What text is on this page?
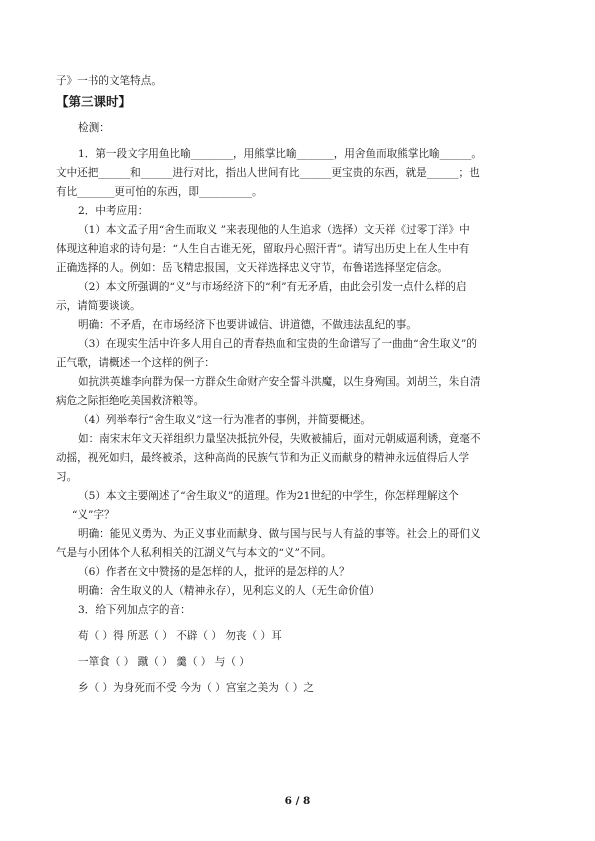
子》一书的文笔特点。
【第三课时】
检测：
1．第一段文字用鱼比喻________，用熊掌比喻_______，用舍鱼而取熊掌比喻______。
文中还把______和______进行对比，指出人世间有比______更宝贵的东西，就是______；也
有比_______更可怕的东西，即__________。
2．中考应用：
（1）本文孟子用“舍生而取义 ”来表现他的人生追求（选择）文天祥《过零丁洋》中
体现这种追求的诗句是：“人生自古谁无死，留取丹心照汗青”。请写出历史上在人生中有
正确选择的人。例如：岳飞精忠报国，文天祥选择忠义守节，布鲁诺选择坚定信念。
（2）本文所强调的“义”与市场经济下的“利”有无矛盾，由此会引发一点什么样的启
示，请简要谈谈。
明确：不矛盾，在市场经济下也要讲诚信、讲道德，不做违法乱纪的事。
（3）在现实生活中许多人用自己的青春热血和宝贵的生命谱写了一曲曲“舍生取义”的
正气歌，请概述一个这样的例子：
如抗洪英雄李向群为保一方群众生命财产安全誓斗洪魔，以生身殉国。刘胡兰，朱自清
病危之际拒绝吃美国救济粮等。
（4）列举奉行“舍生取义”这一行为准者的事例，并简要概述。
如：南宋末年文天祥组织力量坚决抵抗外侵，失败被捕后，面对元朝威逼利诱，竟毫不
动摇，视死如归，最终被杀，这种高尚的民族气节和为正义而献身的精神永远值得后人学
习。
（5）本文主要阐述了“舍生取义”的道理。作为21世纪的中学生，你怎样理解这个
“义”字？
明确：能见义勇为、为正义事业而献身、做与国与民与人有益的事等。社会上的哥们义
气是与小团体个人私利相关的江湖义气与本文的“义”不同。
（6）作者在文中赞扬的是怎样的人，批评的是怎样的人？
明确：舍生取义的人（精神永存），见利忘义的人（无生命价值）
3．给下列加点字的音：
苟（ ）得 所恶（ ） 不辟（ ） 勿丧（ ）耳
一箪食（ ） 蹴（ ） 羹（ ） 与（ ）
乡（ ）为身死而不受 今为（ ）宫室之美为（ ）之
6 / 8
